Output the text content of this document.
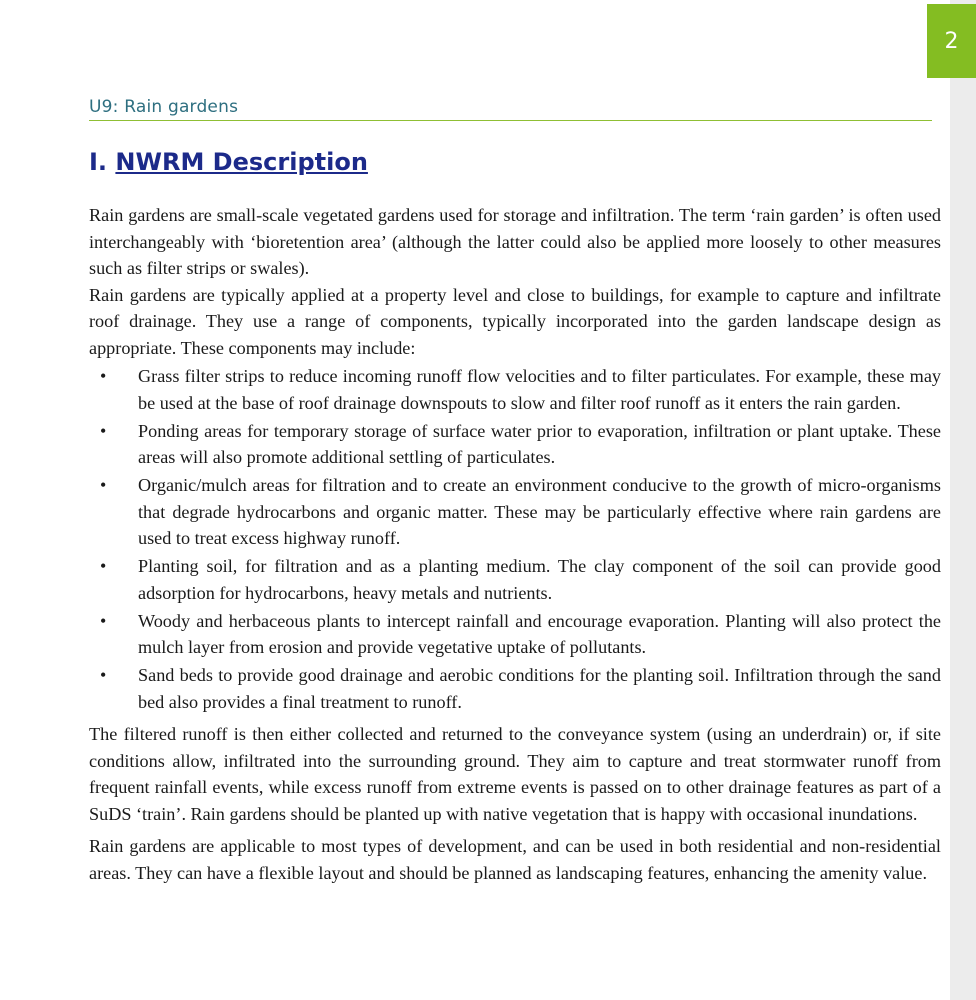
2
U9: Rain gardens
I. NWRM Description

Rain gardens are small-scale vegetated gardens used for storage and infiltration. The term ‘rain garden’ is often used interchangeably with ‘bioretention area’ (although the latter could also be applied more loosely to other measures such as filter strips or swales).

Rain gardens are typically applied at a property level and close to buildings, for example to capture and infiltrate roof drainage. They use a range of components, typically incorporated into the garden landscape design as appropriate. These components may include:

• Grass filter strips to reduce incoming runoff flow velocities and to filter particulates. For example, these may be used at the base of roof drainage downspouts to slow and filter roof runoff as it enters the rain garden.
• Ponding areas for temporary storage of surface water prior to evaporation, infiltration or plant uptake. These areas will also promote additional settling of particulates.
• Organic/mulch areas for filtration and to create an environment conducive to the growth of micro-organisms that degrade hydrocarbons and organic matter. These may be particularly effective where rain gardens are used to treat excess highway runoff.
• Planting soil, for filtration and as a planting medium. The clay component of the soil can provide good adsorption for hydrocarbons, heavy metals and nutrients.
• Woody and herbaceous plants to intercept rainfall and encourage evaporation. Planting will also protect the mulch layer from erosion and provide vegetative uptake of pollutants.
• Sand beds to provide good drainage and aerobic conditions for the planting soil. Infiltration through the sand bed also provides a final treatment to runoff.

The filtered runoff is then either collected and returned to the conveyance system (using an underdrain) or, if site conditions allow, infiltrated into the surrounding ground. They aim to capture and treat stormwater runoff from frequent rainfall events, while excess runoff from extreme events is passed on to other drainage features as part of a SuDS ‘train’. Rain gardens should be planted up with native vegetation that is happy with occasional inundations.

Rain gardens are applicable to most types of development, and can be used in both residential and non-residential areas. They can have a flexible layout and should be planned as landscaping features, enhancing the amenity value.
